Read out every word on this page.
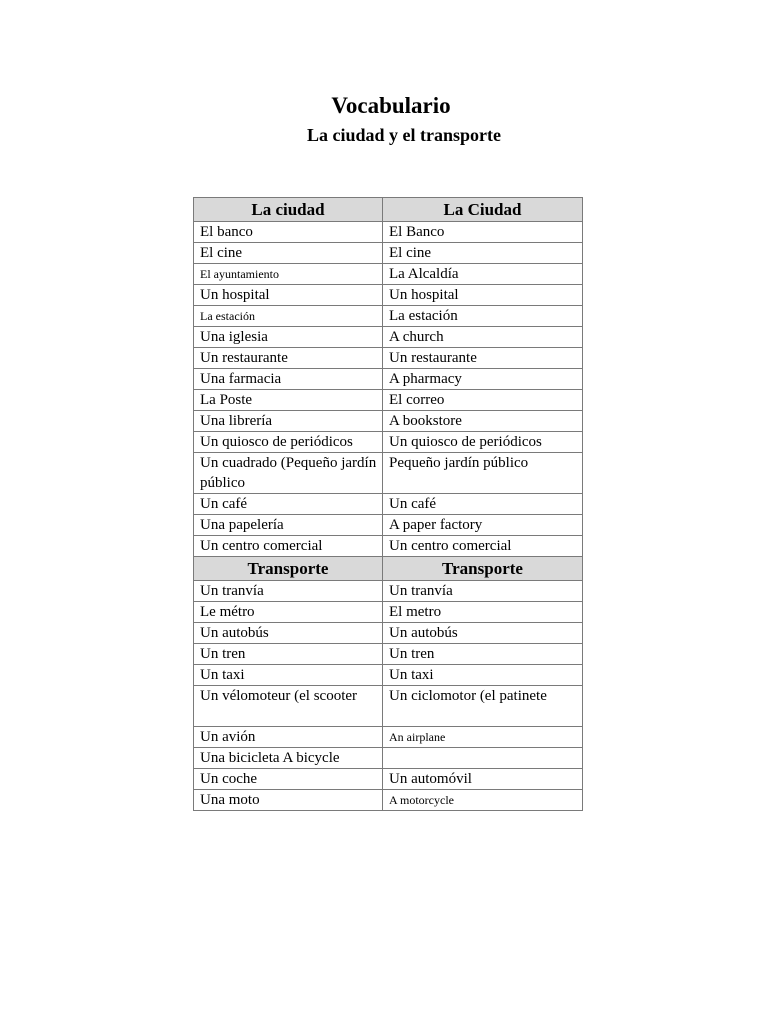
Vocabulario
La ciudad y el transporte
La ciudad	La Ciudad
El banco	El Banco
El cine	El cine
El ayuntamiento	La Alcaldía
Un hospital	Un hospital
La estación	La estación
Una iglesia	A church
Un restaurante	Un restaurante
Una farmacia	A pharmacy
La Poste	El correo
Una librería	A bookstore
Un quiosco de periódicos	Un quiosco de periódicos
Un cuadrado (Pequeño jardín público	Pequeño jardín público
Un café	Un café
Una papelería	A paper factory
Un centro comercial	Un centro comercial
Transporte	Transporte
Un tranvía	Un tranvía
Le métro	El metro
Un autobús	Un autobús
Un tren	Un tren
Un taxi	Un taxi
Un vélomoteur (el scooter	Un ciclomotor (el patinete
Un avión	An airplane
Una bicicleta A bicycle	
Un coche	Un automóvil
Una moto	A motorcycle
